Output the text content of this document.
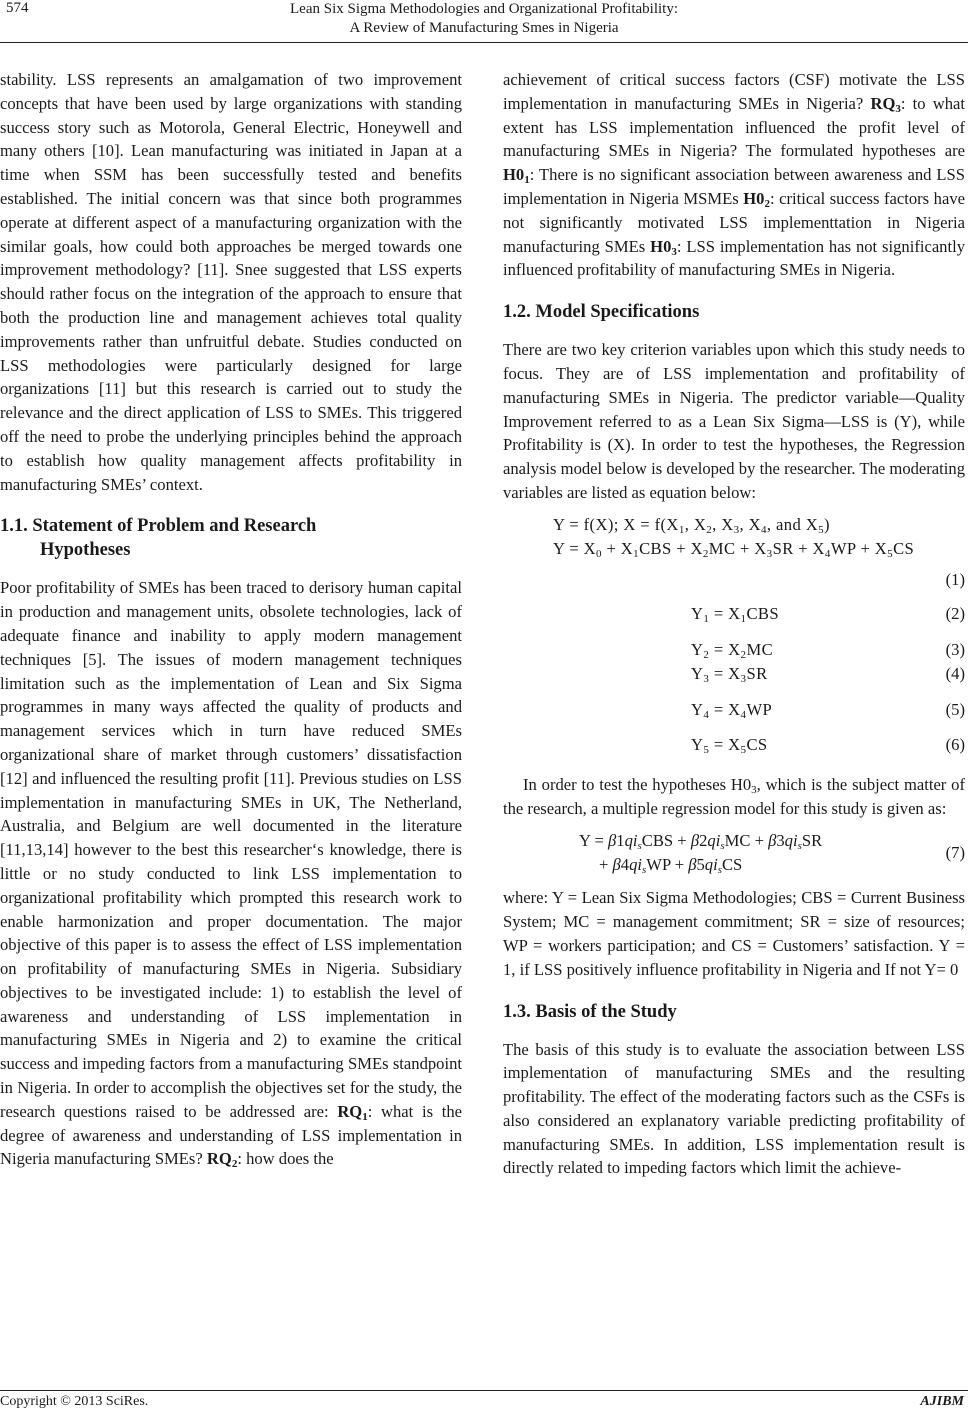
574	Lean Six Sigma Methodologies and Organizational Profitability:
A Review of Manufacturing Smes in Nigeria

stability. LSS represents an amalgamation of two improvement concepts that have been used by large organizations with standing success story such as Motorola, General Electric, Honeywell and many others [10]. Lean manufacturing was initiated in Japan at a time when SSM has been successfully tested and benefits established. The initial concern was that since both programmes operate at different aspect of a manufacturing organization with the similar goals, how could both approaches be merged towards one improvement methodology? [11]. Snee suggested that LSS experts should rather focus on the integration of the approach to ensure that both the production line and management achieves total quality improvements rather than unfruitful debate. Studies conducted on LSS methodologies were particularly designed for large organizations [11] but this research is carried out to study the relevance and the direct application of LSS to SMEs. This triggered off the need to probe the underlying principles behind the approach to establish how quality management affects profitability in manufacturing SMEs’ context.

1.1. Statement of Problem and Research
Hypotheses

Poor profitability of SMEs has been traced to derisory human capital in production and management units, obsolete technologies, lack of adequate finance and inability to apply modern management techniques [5]. The issues of modern management techniques limitation such as the implementation of Lean and Six Sigma programmes in many ways affected the quality of products and management services which in turn have reduced SMEs organizational share of market through customers’ dissatisfaction [12] and influenced the resulting profit [11]. Previous studies on LSS implementation in manufacturing SMEs in UK, The Netherland, Australia, and Belgium are well documented in the literature [11,13,14] however to the best this researcher‘s knowledge, there is little or no study conducted to link LSS implementation to organizational profitability which prompted this research work to enable harmonization and proper documentation. The major objective of this paper is to assess the effect of LSS implementation on profitability of manufacturing SMEs in Nigeria. Subsidiary objectives to be investigated include: 1) to establish the level of awareness and understanding of LSS implementation in manufacturing SMEs in Nigeria and 2) to examine the critical success and impeding factors from a manufacturing SMEs standpoint in Nigeria. In order to accomplish the objectives set for the study, the research questions raised to be addressed are: $RQ_1$: what is the degree of awareness and understanding of LSS implementation in Nigeria manufacturing SMEs? $RQ_2$: how does the

achievement of critical success factors (CSF) motivate the LSS implementation in manufacturing SMEs in Nigeria? $RQ_3$: to what extent has LSS implementation influenced the profit level of manufacturing SMEs in Nigeria? The formulated hypotheses are $H0_1$: There is no significant association between awareness and LSS implementation in Nigeria MSMEs $H0_2$: critical success factors have not significantly motivated LSS implementtation in Nigeria manufacturing SMEs $H0_3$: LSS implementation has not significantly influenced profitability of manufacturing SMEs in Nigeria.

1.2. Model Specifications

There are two key criterion variables upon which this study needs to focus. They are of LSS implementation and profitability of manufacturing SMEs in Nigeria. The predictor variable—Quality Improvement referred to as a Lean Six Sigma—LSS is (Y), while Profitability is (X). In order to test the hypotheses, the Regression analysis model below is developed by the researcher. The moderating variables are listed as equation below:

Y = f(X); $X = f(X_1$, $X_2$, $X_3$, $X_4$, and $X_5$)
$Y = X_0 + X_1CBS + X_2MC + X_3SR + X_4WP + X_5CS$
(1)
$Y_1 = X_1CBS$	(2)
$Y_2 = X_2MC$	(3)
$Y_3 = X_3SR$	(4)
$Y_4 = X_4WP$	(5)
$Y_5 = X_5CS$	(6)

In order to test the hypotheses $H0_3$, which is the subject matter of the research, a multiple regression model for this study is given as:

$Y = \beta 1qi_sCBS + \beta 2qi_sMC + \beta 3qi_sSR$
+ $\beta 4qi_sWP + \beta 5qi_sCS$
(7)

where: Y = Lean Six Sigma Methodologies; CBS = Current Business System; MC = management commitment; SR = size of resources; WP = workers participation; and CS = Customers’ satisfaction. Y = 1, if LSS positively influence profitability in Nigeria and If not Y= 0

1.3. Basis of the Study

The basis of this study is to evaluate the association between LSS implementation of manufacturing SMEs and the resulting profitability. The effect of the moderating factors such as the CSFs is also considered an explanatory variable predicting profitability of manufacturing SMEs. In addition, LSS implementation result is directly related to impeding factors which limit the achieve-

Copyright © 2013 SciRes.	AJIBM
